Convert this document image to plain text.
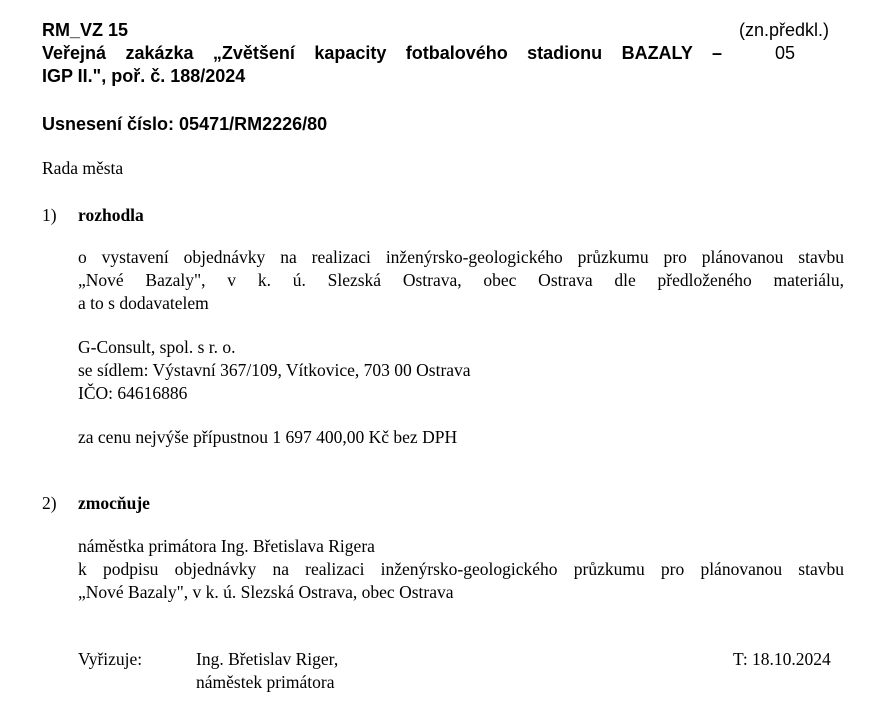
RM_VZ 15	(zn.předkl.)
05
Veřejná zakázka „Zvětšení kapacity fotbalového stadionu BAZALY –
IGP II.", poř. č. 188/2024
Usnesení číslo: 05471/RM2226/80
Rada města
1) rozhodla
o vystavení objednávky na realizaci inženýrsko-geologického průzkumu pro plánovanou stavbu
„Nové Bazaly", v k. ú. Slezská Ostrava, obec Ostrava dle předloženého materiálu,
a to s dodavatelem
G-Consult, spol. s r. o.
se sídlem: Výstavní 367/109, Vítkovice, 703 00 Ostrava
IČO: 64616886
za cenu nejvýše přípustnou 1 697 400,00 Kč bez DPH
2) zmocňuje
náměstka primátora Ing. Břetislava Rigera
k podpisu objednávky na realizaci inženýrsko-geologického průzkumu pro plánovanou stavbu
„Nové Bazaly", v k. ú. Slezská Ostrava, obec Ostrava
Vyřizuje:	Ing. Břetislav Riger,
náměstek primátora
T: 18.10.2024
